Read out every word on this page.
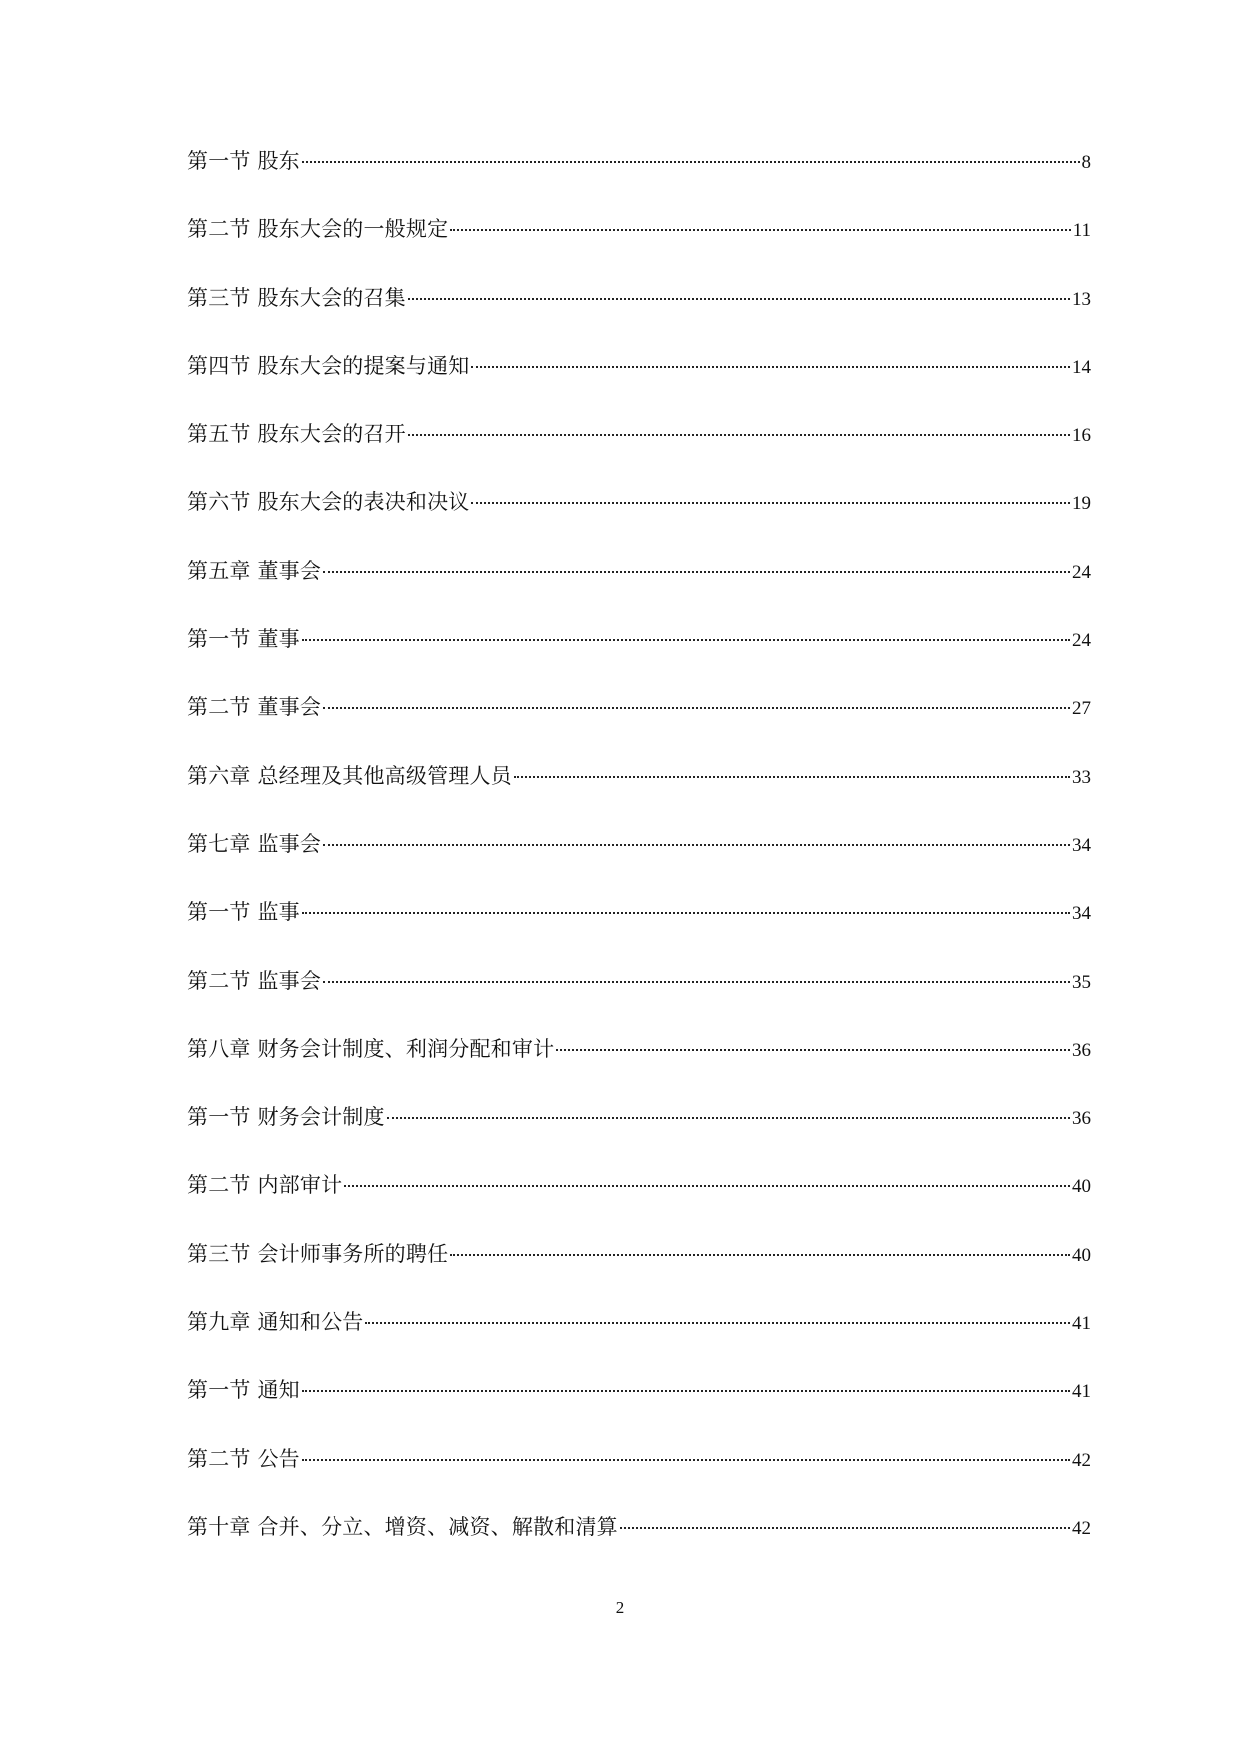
第一节 股东	8
第二节 股东大会的一般规定	11
第三节 股东大会的召集	13
第四节 股东大会的提案与通知	14
第五节 股东大会的召开	16
第六节 股东大会的表决和决议	19
第五章 董事会	24
第一节 董事	24
第二节 董事会	27
第六章 总经理及其他高级管理人员	33
第七章 监事会	34
第一节 监事	34
第二节 监事会	35
第八章 财务会计制度、利润分配和审计	36
第一节 财务会计制度	36
第二节 内部审计	40
第三节 会计师事务所的聘任	40
第九章 通知和公告	41
第一节 通知	41
第二节 公告	42
第十章 合并、分立、增资、减资、解散和清算	42
2
